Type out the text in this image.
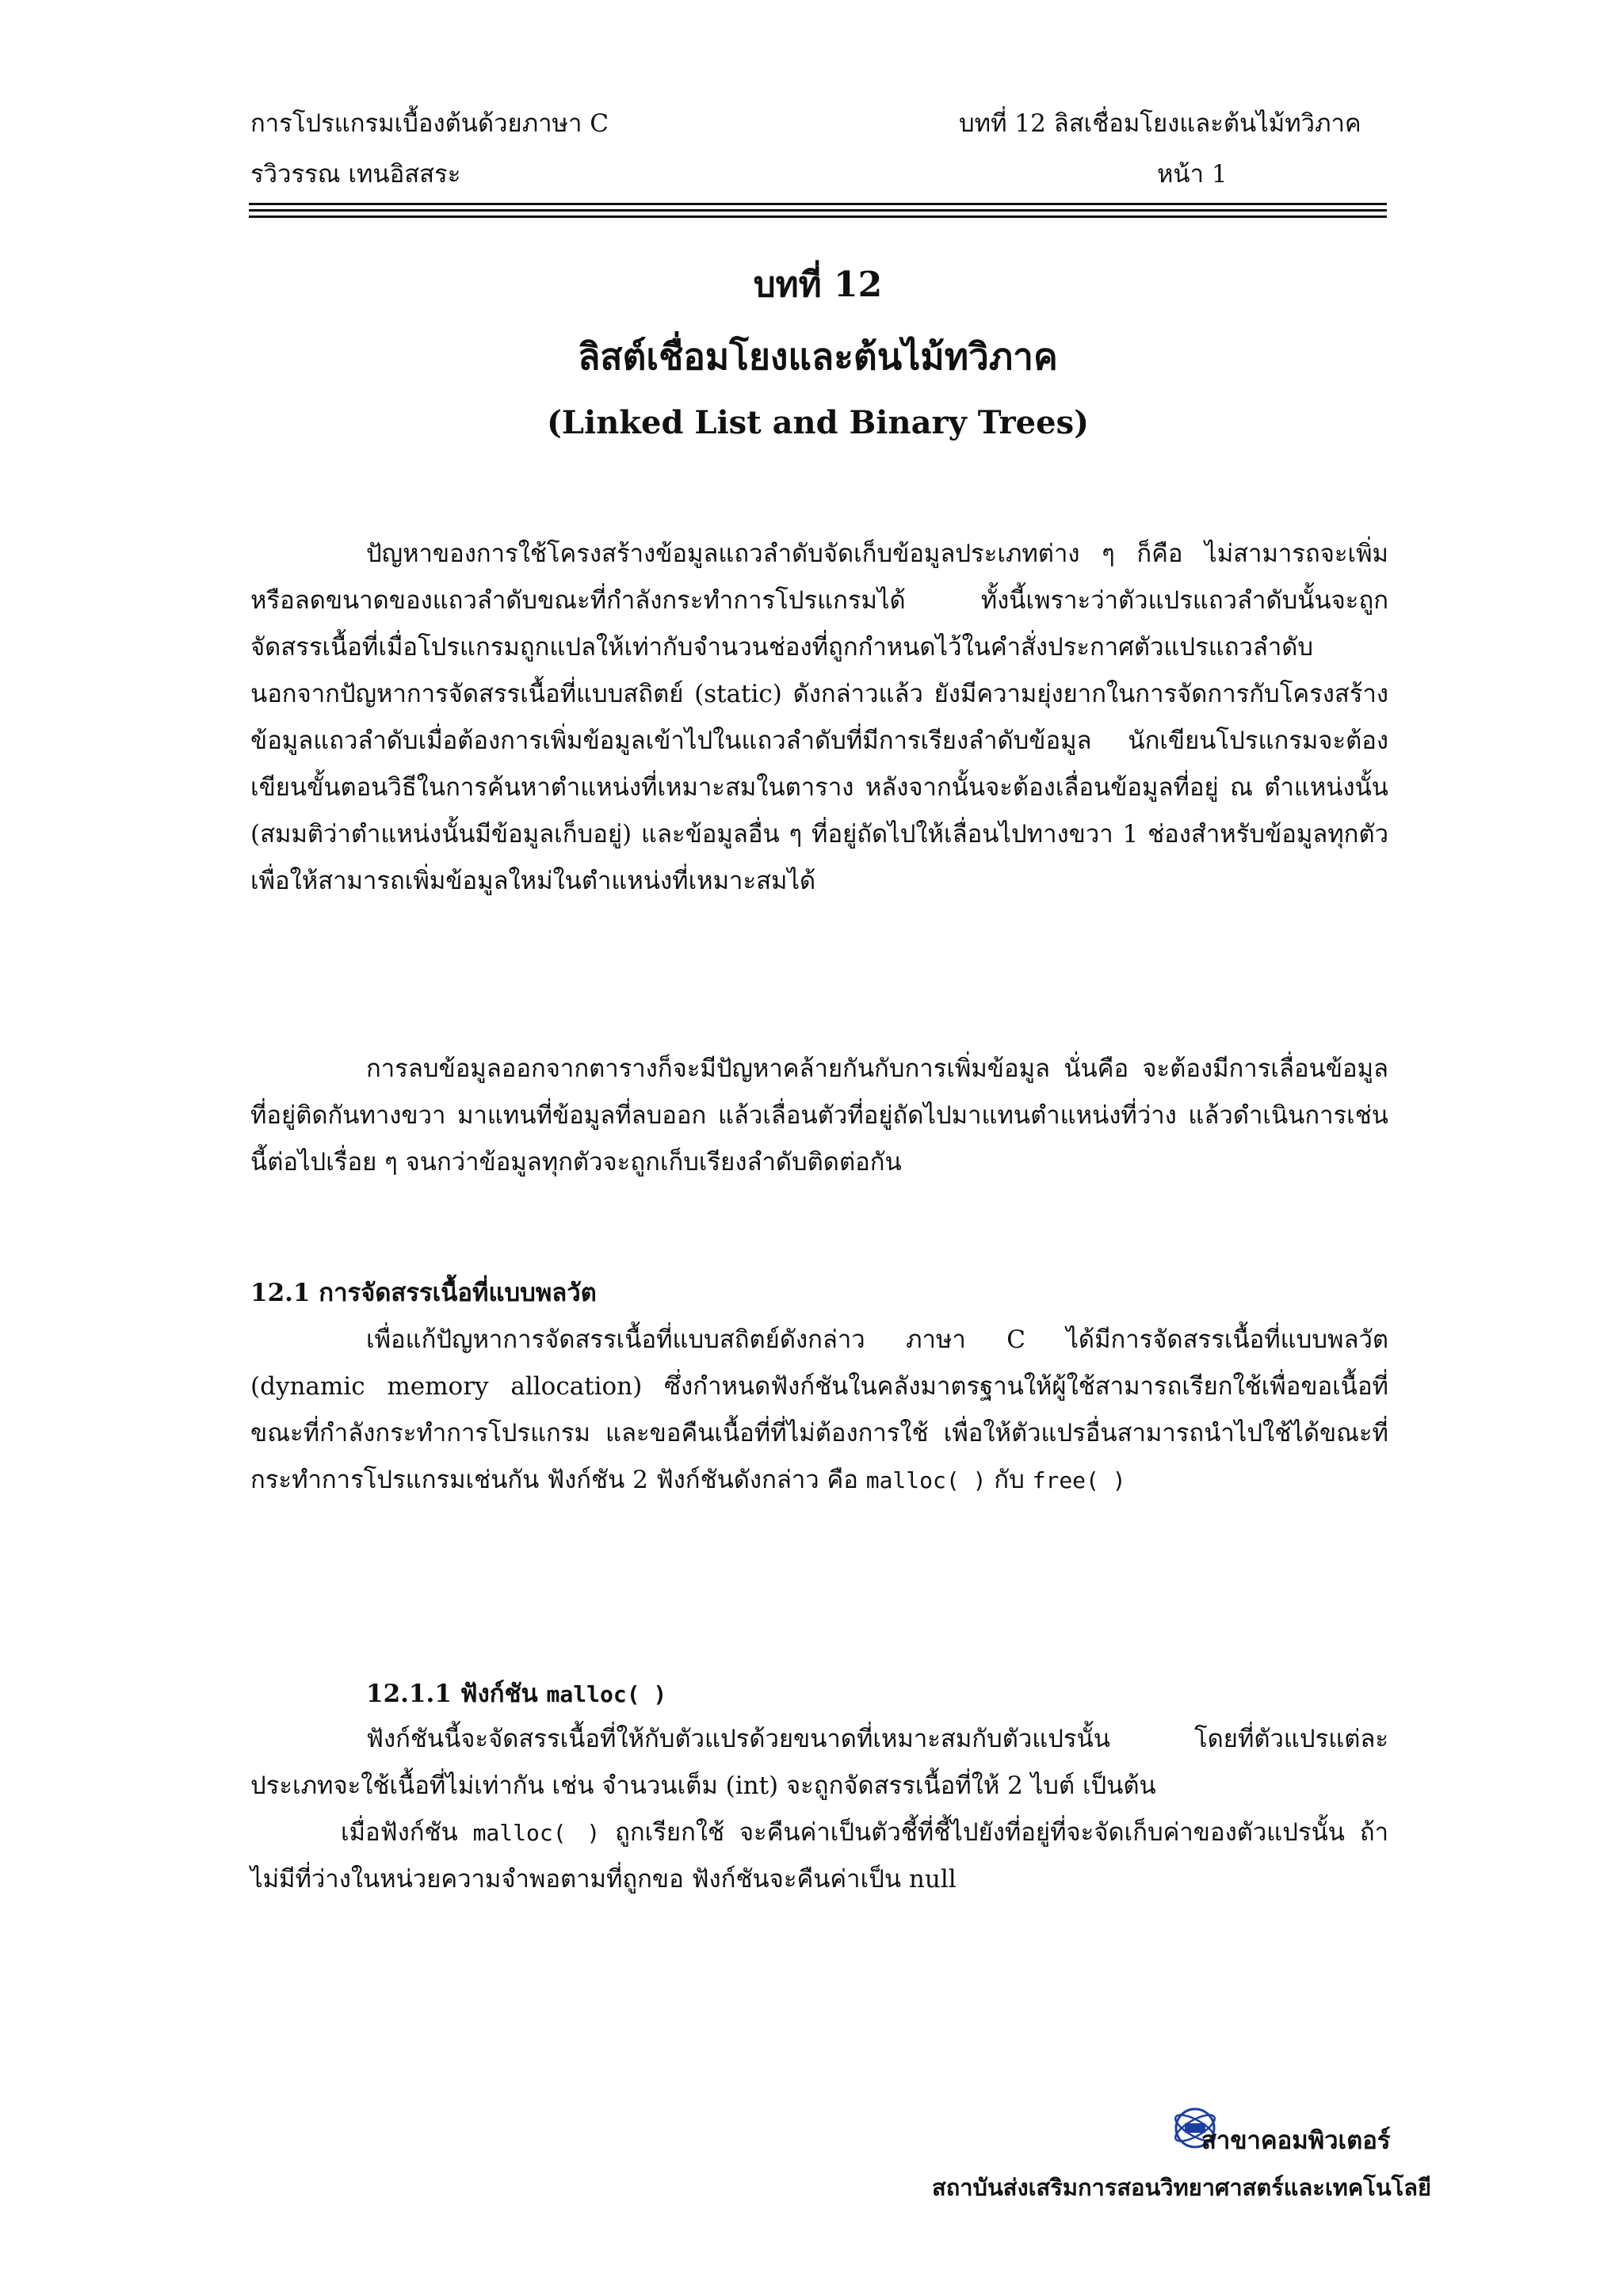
การโปรแกรมเบื้องต้นด้วยภาษา C
รวิวรรณ เทนอิสสระ
บทที่ 12 ลิสเชื่อมโยงและต้นไม้ทวิภาค
หน้า 1
บทที่ 12
ลิสต์เชื่อมโยงและต้นไม้ทวิภาค
(Linked List and Binary Trees)
ปัญหาของการใช้โครงสร้างข้อมูลแถวลำดับจัดเก็บข้อมูลประเภทต่าง ๆ ก็คือ ไม่สามารถจะเพิ่มหรือลดขนาดของแถวลำดับขณะที่กำลังกระทำการโปรแกรมได้ ทั้งนี้เพราะว่าตัวแปรแถวลำดับนั้นจะถูกจัดสรรเนื้อที่เมื่อโปรแกรมถูกแปลให้เท่ากับจำนวนช่องที่ถูกกำหนดไว้ในคำสั่งประกาศตัวแปรแถวลำดับ นอกจากปัญหาการจัดสรรเนื้อที่แบบสถิตย์ (static) ดังกล่าวแล้ว ยังมีความยุ่งยากในการจัดการกับโครงสร้างข้อมูลแถวลำดับเมื่อต้องการเพิ่มข้อมูลเข้าไปในแถวลำดับที่มีการเรียงลำดับข้อมูล นักเขียนโปรแกรมจะต้องเขียนขั้นตอนวิธีในการค้นหาตำแหน่งที่เหมาะสมในตาราง หลังจากนั้นจะต้องเลื่อนข้อมูลที่อยู่ ณ ตำแหน่งนั้น (สมมติว่าตำแหน่งนั้นมีข้อมูลเก็บอยู่) และข้อมูลอื่น ๆ ที่อยู่ถัดไปให้เลื่อนไปทางขวา 1 ช่องสำหรับข้อมูลทุกตัว เพื่อให้สามารถเพิ่มข้อมูลใหม่ในตำแหน่งที่เหมาะสมได้
การลบข้อมูลออกจากตารางก็จะมีปัญหาคล้ายกันกับการเพิ่มข้อมูล นั่นคือ จะต้องมีการเลื่อนข้อมูลที่อยู่ติดกันทางขวา มาแทนที่ข้อมูลที่ลบออก แล้วเลื่อนตัวที่อยู่ถัดไปมาแทนตำแหน่งที่ว่าง แล้วดำเนินการเช่นนี้ต่อไปเรื่อย ๆ จนกว่าข้อมูลทุกตัวจะถูกเก็บเรียงลำดับติดต่อกัน
12.1 การจัดสรรเนื้อที่แบบพลวัต
เพื่อแก้ปัญหาการจัดสรรเนื้อที่แบบสถิตย์ดังกล่าว ภาษา C ได้มีการจัดสรรเนื้อที่แบบพลวัต (dynamic memory allocation) ซึ่งกำหนดฟังก์ชันในคลังมาตรฐานให้ผู้ใช้สามารถเรียกใช้เพื่อขอเนื้อที่ขณะที่กำลังกระทำการโปรแกรม และขอคืนเนื้อที่ที่ไม่ต้องการใช้ เพื่อให้ตัวแปรอื่นสามารถนำไปใช้ได้ขณะที่กระทำการโปรแกรมเช่นกัน ฟังก์ชัน 2 ฟังก์ชันดังกล่าว คือ malloc( ) กับ free( )
12.1.1 ฟังก์ชัน malloc( )
ฟังก์ชันนี้จะจัดสรรเนื้อที่ให้กับตัวแปรด้วยขนาดที่เหมาะสมกับตัวแปรนั้น โดยที่ตัวแปรแต่ละประเภทจะใช้เนื้อที่ไม่เท่ากัน เช่น จำนวนเต็ม (int) จะถูกจัดสรรเนื้อที่ให้ 2 ไบต์ เป็นต้น
เมื่อฟังก์ชัน malloc( ) ถูกเรียกใช้ จะคืนค่าเป็นตัวชี้ที่ชี้ไปยังที่อยู่ที่จะจัดเก็บค่าของตัวแปรนั้น ถ้าไม่มีที่ว่างในหน่วยความจำพอตามที่ถูกขอ ฟังก์ชันจะคืนค่าเป็น null
สาขาคอมพิวเตอร์
สถาบันส่งเสริมการสอนวิทยาศาสตร์และเทคโนโลยี
